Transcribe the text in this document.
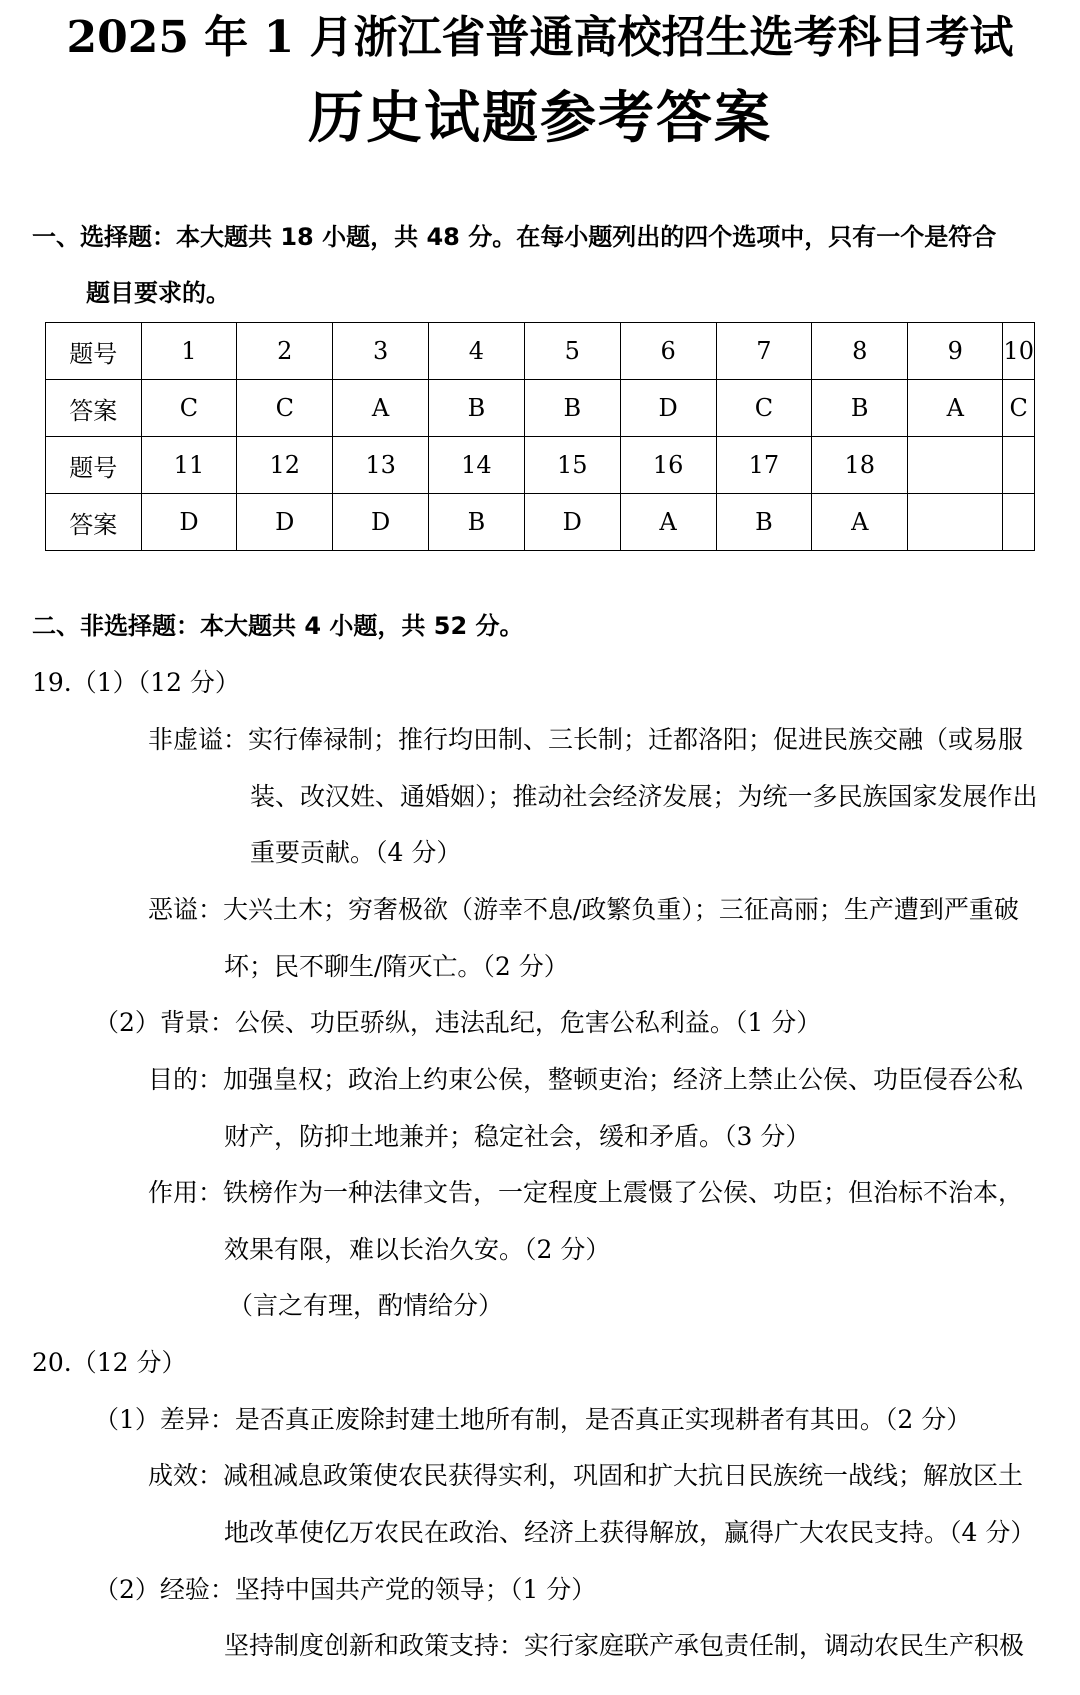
2025 年 1 月浙江省普通高校招生选考科目考试
历史试题参考答案
一、选择题：本大题共 18 小题，共 48 分。在每小题列出的四个选项中，只有一个是符合
题目要求的。
题号	1	2	3	4	5	6	7	8	9	10
答案	C	C	A	B	B	D	C	B	A	C
题号	11	12	13	14	15	16	17	18		
答案	D	D	D	B	D	A	B	A		
二、非选择题：本大题共 4 小题，共 52 分。
19.（1）（12 分）
非虚谥：实行俸禄制；推行均田制、三长制；迁都洛阳；促进民族交融（或易服
装、改汉姓、通婚姻）；推动社会经济发展；为统一多民族国家发展作出
重要贡献。（4 分）
恶谥：大兴土木；穷奢极欲（游幸不息/政繁负重）；三征高丽；生产遭到严重破
坏；民不聊生/隋灭亡。（2 分）
（2）背景：公侯、功臣骄纵，违法乱纪，危害公私利益。（1 分）
目的：加强皇权；政治上约束公侯，整顿吏治；经济上禁止公侯、功臣侵吞公私
财产，防抑土地兼并；稳定社会，缓和矛盾。（3 分）
作用：铁榜作为一种法律文告，一定程度上震慑了公侯、功臣；但治标不治本，
效果有限，难以长治久安。（2 分）
（言之有理，酌情给分）
20.（12 分）
（1）差异：是否真正废除封建土地所有制，是否真正实现耕者有其田。（2 分）
成效：减租减息政策使农民获得实利，巩固和扩大抗日民族统一战线；解放区土
地改革使亿万农民在政治、经济上获得解放，赢得广大农民支持。（4 分）
（2）经验：坚持中国共产党的领导；（1 分）
坚持制度创新和政策支持：实行家庭联产承包责任制，调动农民生产积极
